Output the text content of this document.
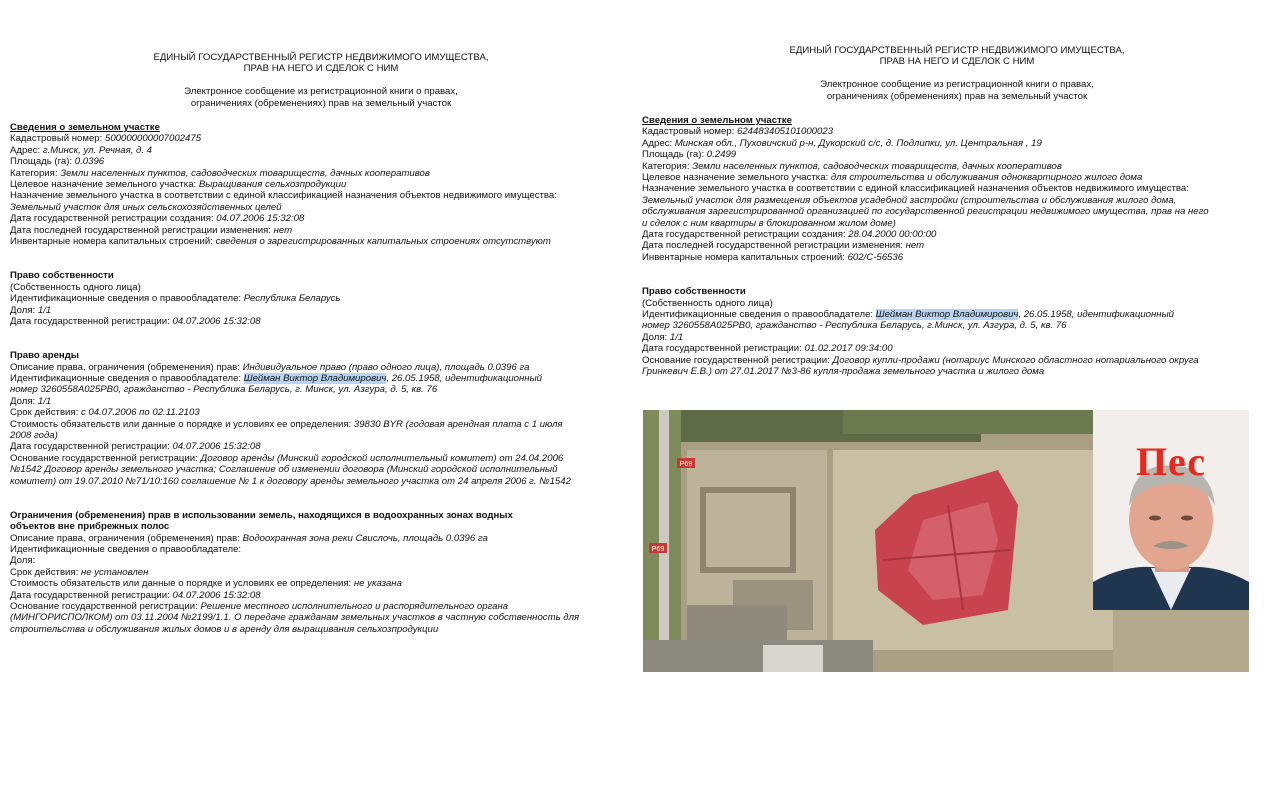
ЕДИНЫЙ ГОСУДАРСТВЕННЫЙ РЕГИСТР НЕДВИЖИМОГО ИМУЩЕСТВА,

ПРАВ НА НЕГО И СДЕЛОК С НИМ

Электронное сообщение из регистрационной книги о правах,

ограничениях (обременениях) прав на земельный участок

Сведения о земельном участке

Кадастровый номер: 500000000007002475

Адрес: г.Минск, ул. Речная, д. 4

Площадь (га): 0.0396

Категория: Земли населенных пунктов, садоводческих товариществ, дачных кооперативов

Целевое назначение земельного участка: Выращивания сельхозпродукции

Назначение земельного участка в соответствии с единой классификацией назначения объектов недвижимого имущества:

Земельный участок для иных сельскохозяйственных целей

Дата государственной регистрации создания: 04.07.2006 15:32:08

Дата последней государственной регистрации изменения: нет

Инвентарные номера капитальных строений: сведения о зарегистрированных капитальных строениях отсутствуют

Право собственности

(Собственность одного лица)

Идентификационные сведения о правообладателе: Республика Беларусь

Доля: 1/1

Дата государственной регистрации: 04.07.2006 15:32:08

Право аренды

Описание права, ограничения (обременения) прав: Индивидуальное право (право одного лица), площадь 0.0396 га

Идентификационные сведения о правообладателе: Шейман Виктор Владимирович, 26.05.1958, идентификационный

номер 3260558A025PB0, гражданство - Республика Беларусь, г. Минск, ул. Азгура, д. 5, кв. 76

Доля: 1/1

Срок действия: с 04.07.2006 по 02.11.2103

Стоимость обязательств или данные о порядке и условиях ее определения: 39830 BYR (годовая арендная плата с 1 июля

2008 года)

Дата государственной регистрации: 04.07.2006 15:32:08

Основание государственной регистрации: Договор аренды (Минский городской исполнительный комитет) от 24.04.2006

№1542 Договор аренды земельного участка; Соглашение об изменении договора (Минский городской исполнительный

комитет) от 19.07.2010 №71/10:160 соглашение № 1 к договору аренды земельного участка от 24 апреля 2006 г. №1542

Ограничения (обременения) прав в использовании земель, находящихся в водоохранных зонах водных

объектов вне прибрежных полос

Описание права, ограничения (обременения) прав: Водоохранная зона реки Свислочь, площадь 0.0396 га

Идентификационные сведения о правообладателе:

Доля:

Срок действия: не установлен

Стоимость обязательств или данные о порядке и условиях ее определения: не указана

Дата государственной регистрации: 04.07.2006 15:32:08

Основание государственной регистрации: Решение местного исполнительного и распорядительного органа

(МИНГОРИСПОЛКОМ) от 03.11.2004 №2199/1.1. О передаче гражданам земельных участков в частную собственность для

строительства и обслуживания жилых домов и в аренду для выращивания сельхозпродукции

ЕДИНЫЙ ГОСУДАРСТВЕННЫЙ РЕГИСТР НЕДВИЖИМОГО ИМУЩЕСТВА,

ПРАВ НА НЕГО И СДЕЛОК С НИМ

Электронное сообщение из регистрационной книги о правах,

ограничениях (обременениях) прав на земельный участок

Сведения о земельном участке

Кадастровый номер: 624483405101000023

Адрес: Минская обл., Пуховичский р-н, Дукорский с/с, д. Подлипки, ул. Центральная , 19

Площадь (га): 0.2499

Категория: Земли населенных пунктов, садоводческих товариществ, дачных кооперативов

Целевое назначение земельного участка: для строительства и обслуживания одноквартирного жилого дома

Назначение земельного участка в соответствии с единой классификацией назначения объектов недвижимого имущества:

Земельный участок для размещения объектов усадебной застройки (строительства и обслуживания жилого дома,

обслуживания зарегистрированной организацией по государственной регистрации недвижимого имущества, прав на него

и сделок с ним квартиры в блокированном жилом доме)

Дата государственной регистрации создания: 28.04.2000 00:00:00

Дата последней государственной регистрации изменения: нет

Инвентарные номера капитальных строений: 602/C-56536

Право собственности

(Собственность одного лица)

Идентификационные сведения о правообладателе: Шейман Виктор Владимирович, 26.05.1958, идентификационный

номер 3260558A025PB0, гражданство - Республика Беларусь, г.Минск, ул. Азгура, д. 5, кв. 76

Доля: 1/1

Дата государственной регистрации: 01.02.2017 09:34:00

Основание государственной регистрации: Договор купли-продажи (нотариус Минского областного нотариального округа

Гринкевич Е.В.) от 27.01.2017 №3-86 купля-продажа земельного участка и жилого дома

P69
P69
Пес
